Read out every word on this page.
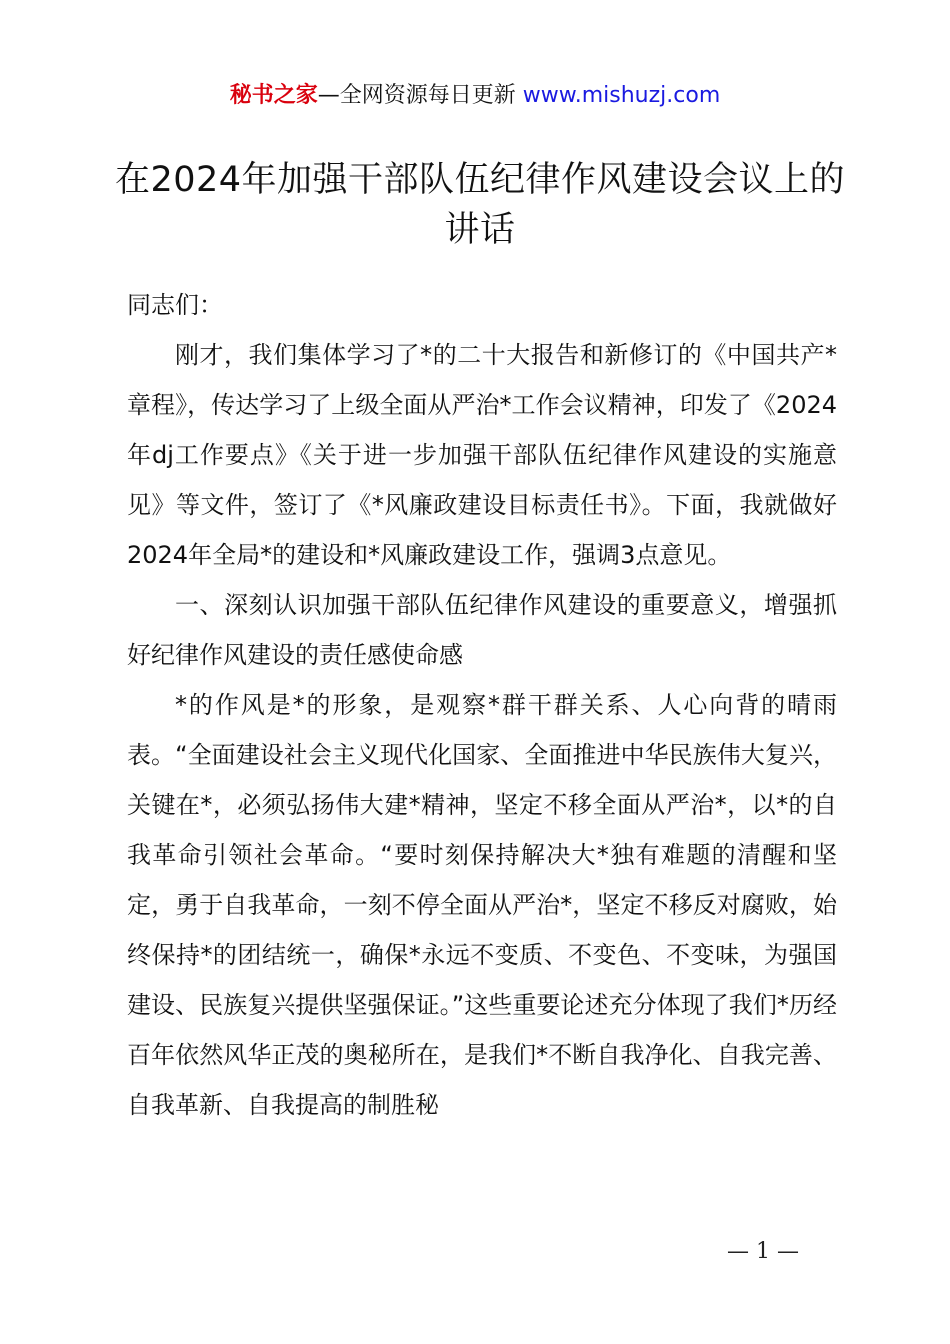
秘书之家—全网资源每日更新 www.mishuzj.com
在2024年加强干部队伍纪律作风建设会议上的讲话

同志们：

刚才，我们集体学习了*的二十大报告和新修订的《中国共产*章程》，传达学习了上级全面从严治*工作会议精神，印发了《2024年dj工作要点》《关于进一步加强干部队伍纪律作风建设的实施意见》等文件，签订了《*风廉政建设目标责任书》。下面，我就做好2024年全局*的建设和*风廉政建设工作，强调3点意见。

一、深刻认识加强干部队伍纪律作风建设的重要意义，增强抓好纪律作风建设的责任感使命感

*的作风是*的形象，是观察*群干群关系、人心向背的晴雨表。“全面建设社会主义现代化国家、全面推进中华民族伟大复兴，关键在*，必须弘扬伟大建*精神，坚定不移全面从严治*，以*的自我革命引领社会革命。“要时刻保持解决大*独有难题的清醒和坚定，勇于自我革命，一刻不停全面从严治*，坚定不移反对腐败，始终保持*的团结统一，确保*永远不变质、不变色、不变味，为强国建设、民族复兴提供坚强保证。”这些重要论述充分体现了我们*历经百年依然风华正茂的奥秘所在，是我们*不断自我净化、自我完善、自我革新、自我提高的制胜秘

— 1 —
